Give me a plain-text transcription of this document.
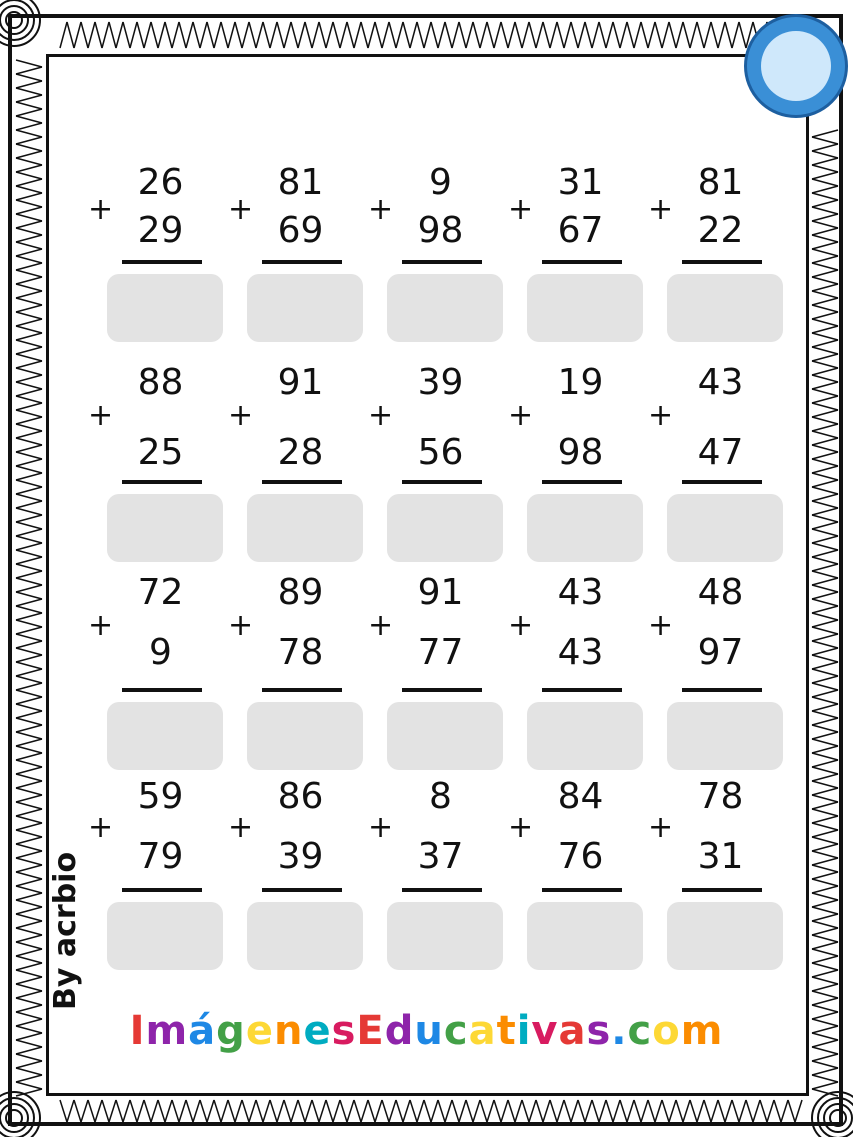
+
26
29
+
81
69
+
9
98
+
31
67
+
81
22
+
88
25
+
91
28
+
39
56
+
19
98
+
43
47
+
72
9
+
89
78
+
91
77
+
43
43
+
48
97
+
59
79
+
86
39
+
8
37
+
84
76
+
78
31
By acrbio
ImágenesEducativas.com
